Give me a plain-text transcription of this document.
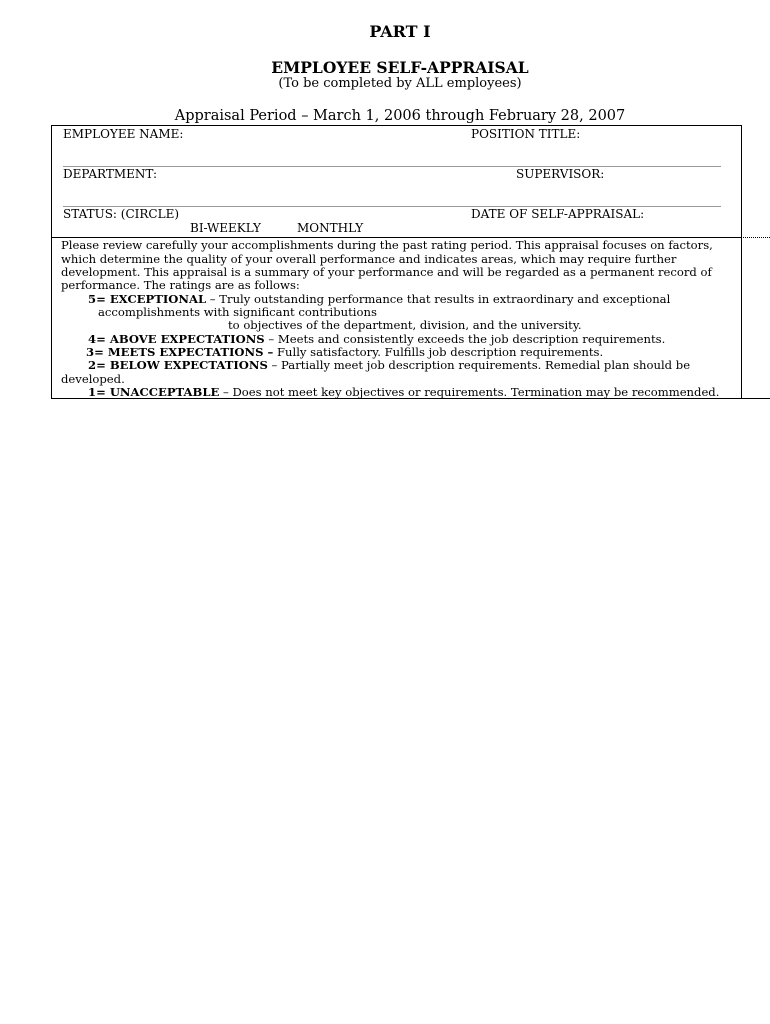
PART I
EMPLOYEE SELF-APPRAISAL
(To be completed by ALL employees)
Appraisal Period – March 1, 2006 through February 28, 2007
EMPLOYEE NAME:	POSITION TITLE:
DEPARTMENT:	SUPERVISOR:
STATUS: (CIRCLE)	DATE OF SELF-APPRAISAL:
BI-WEEKLY	MONTHLY
Please review carefully your accomplishments during the past rating period. This appraisal focuses on factors,
which determine the quality of your overall performance and indicates areas, which may require further
development. This appraisal is a summary of your performance and will be regarded as a permanent record of
performance. The ratings are as follows:
5= EXCEPTIONAL – Truly outstanding performance that results in extraordinary and exceptional
accomplishments with significant contributions
to objectives of the department, division, and the university.
4= ABOVE EXPECTATIONS – Meets and consistently exceeds the job description requirements.
3= MEETS EXPECTATIONS – Fully satisfactory. Fulfills job description requirements.
2= BELOW EXPECTATIONS – Partially meet job description requirements. Remedial plan should be
developed.
1= UNACCEPTABLE – Does not meet key objectives or requirements. Termination may be recommended.
